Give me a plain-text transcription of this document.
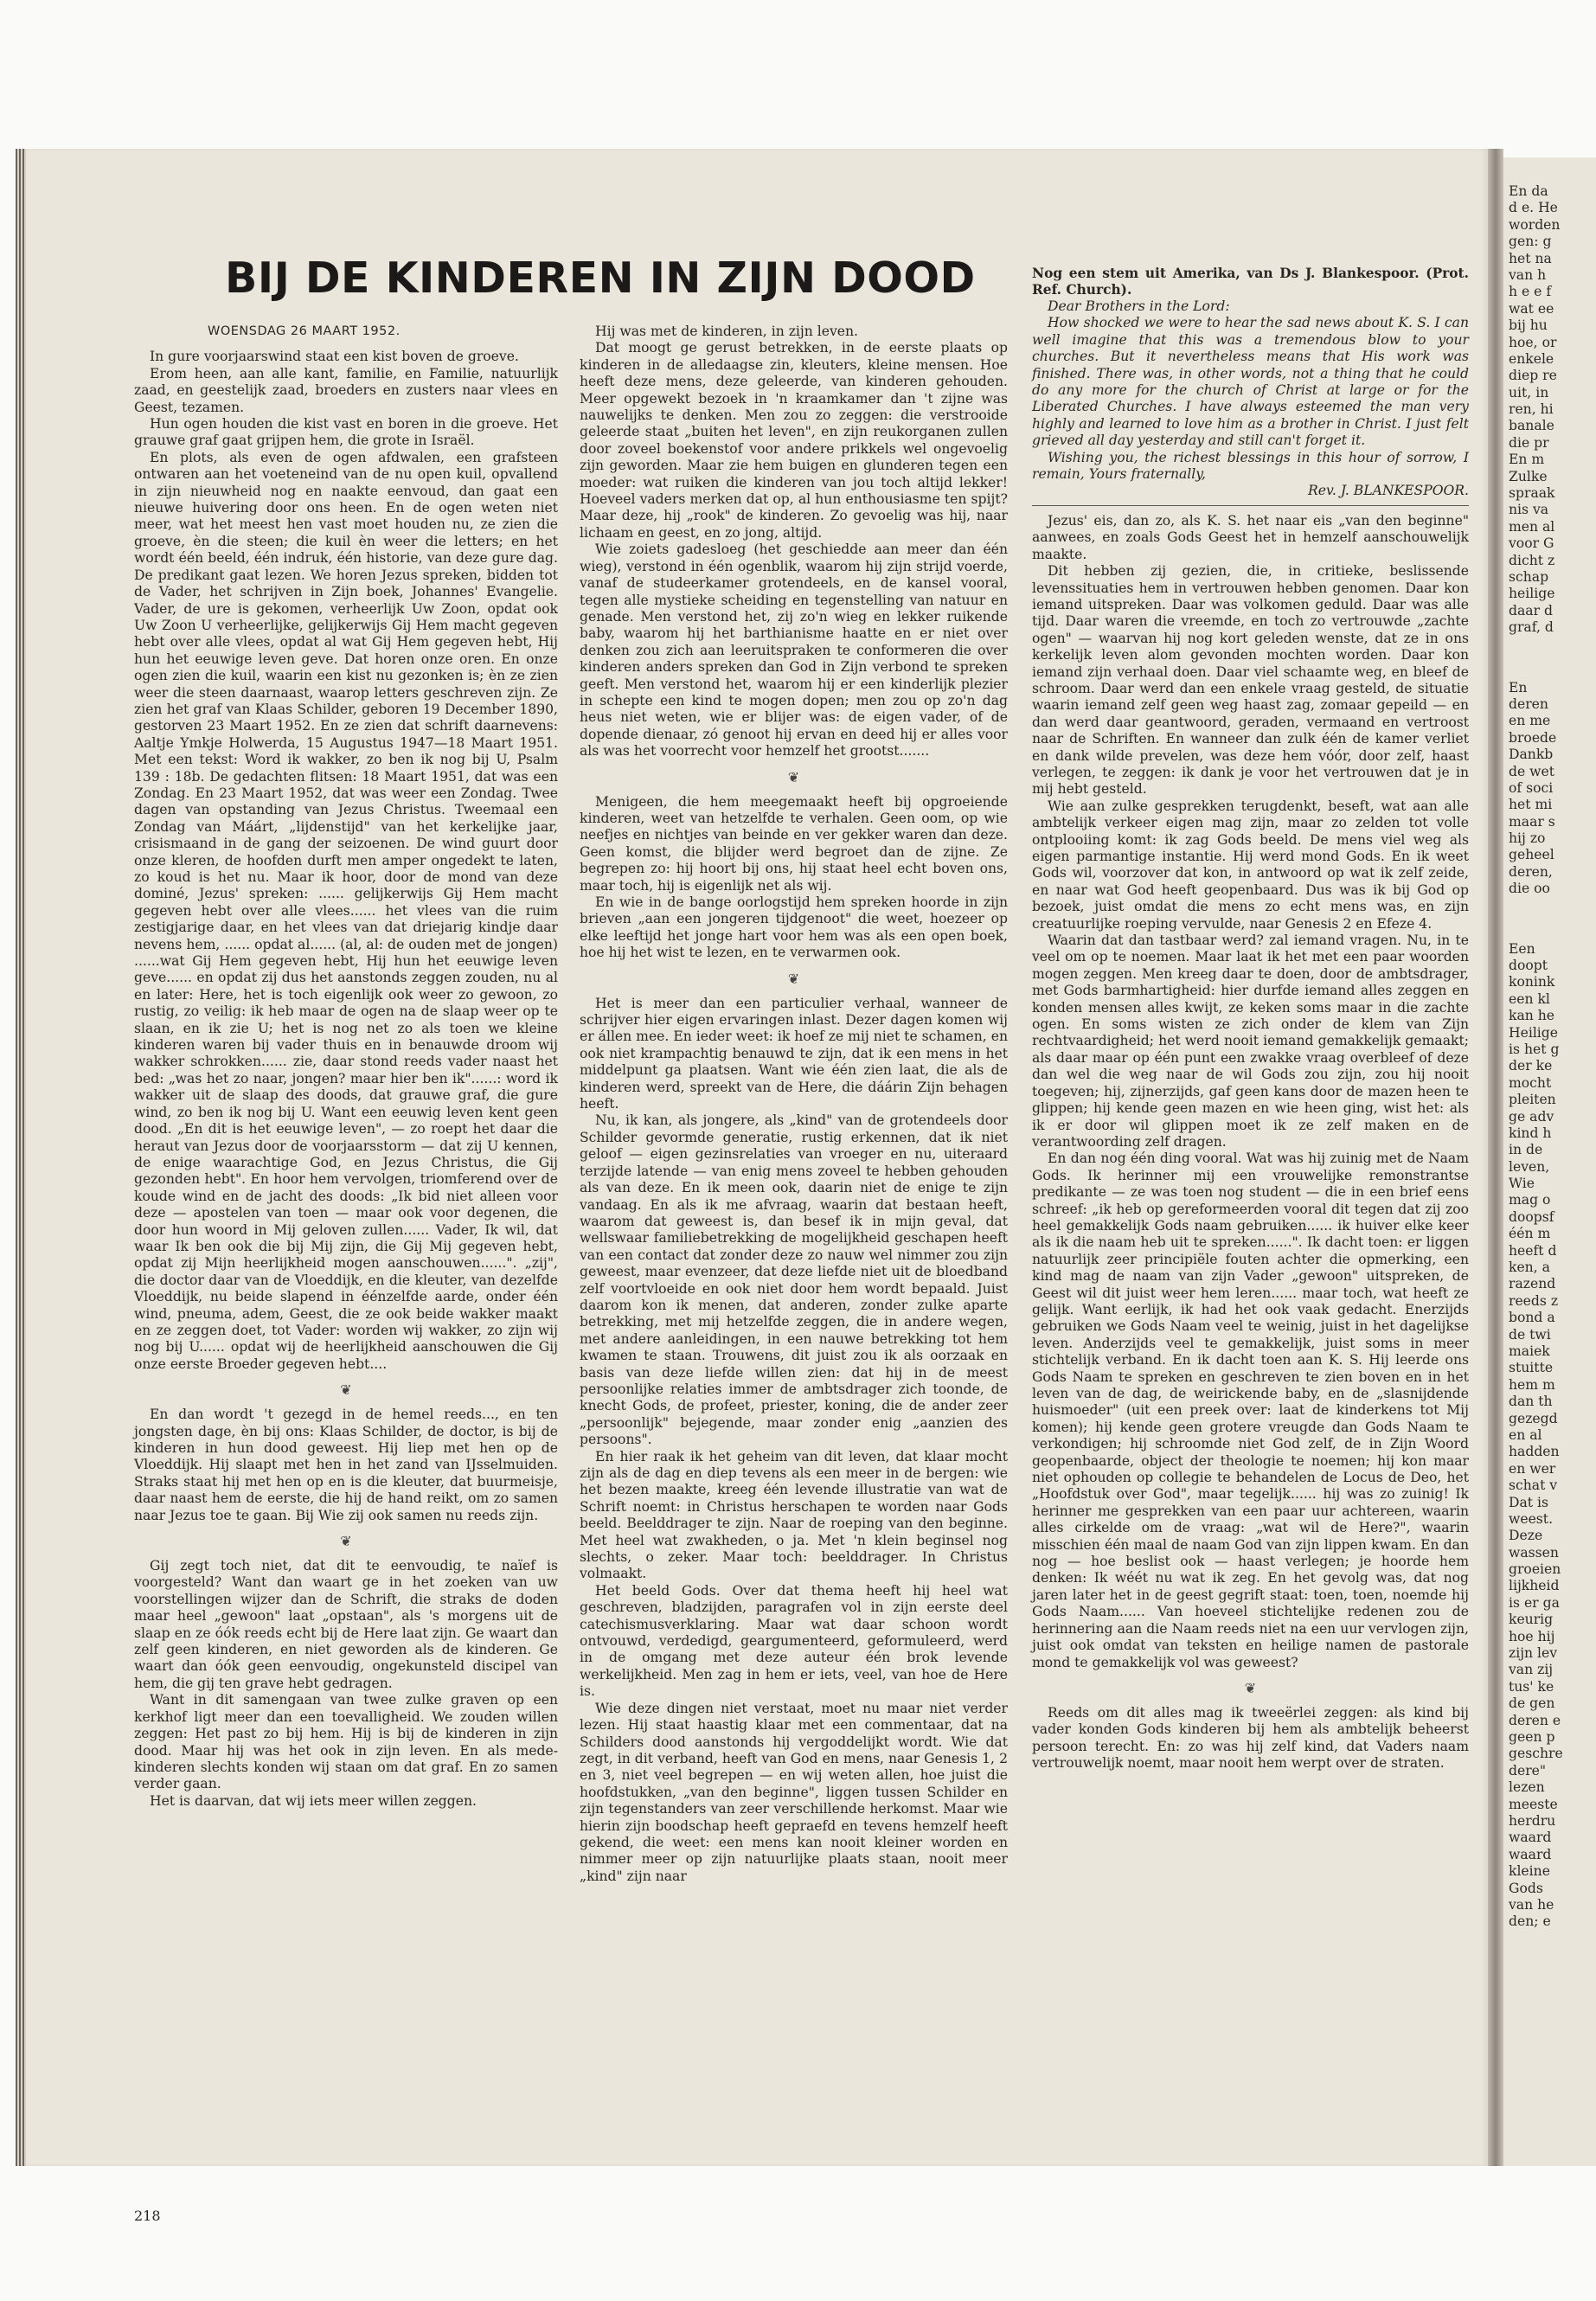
BIJ DE KINDEREN IN ZIJN DOOD

WOENSDAG 26 MAART 1952.

In gure voorjaarswind staat een kist boven de groeve.

Erom heen, aan alle kant, familie, en Familie, natuurlijk zaad, en geestelijk zaad, broeders en zusters naar vlees en Geest, tezamen.

Hun ogen houden die kist vast en boren in die groeve. Het grauwe graf gaat grijpen hem, die grote in Israël.

En plots, als even de ogen afdwalen, een grafsteen ontwaren aan het voeteneind van de nu open kuil, opvallend in zijn nieuwheid nog en naakte eenvoud, dan gaat een nieuwe huivering door ons heen. En de ogen weten niet meer, wat het meest hen vast moet houden nu, ze zien die groeve, èn die steen; die kuil èn weer die letters; en het wordt één beeld, één indruk, één historie, van deze gure dag. De predikant gaat lezen. We horen Jezus spreken, bidden tot de Vader, het schrijven in Zijn boek, Johannes' Evangelie. Vader, de ure is gekomen, verheerlijk Uw Zoon, opdat ook Uw Zoon U verheerlijke, gelijkerwijs Gij Hem macht gegeven hebt over alle vlees, opdat al wat Gij Hem gegeven hebt, Hij hun het eeuwige leven geve. Dat horen onze oren. En onze ogen zien die kuil, waarin een kist nu gezonken is; èn ze zien weer die steen daarnaast, waarop letters geschreven zijn. Ze zien het graf van Klaas Schilder, geboren 19 December 1890, gestorven 23 Maart 1952. En ze zien dat schrift daarnevens: Aaltje Ymkje Holwerda, 15 Augustus 1947—18 Maart 1951. Met een tekst: Word ik wakker, zo ben ik nog bij U, Psalm 139 : 18b. De gedachten flitsen: 18 Maart 1951, dat was een Zondag. En 23 Maart 1952, dat was weer een Zondag. Twee dagen van opstanding van Jezus Christus. Tweemaal een Zondag van Máárt, „lijdenstijd" van het kerkelijke jaar, crisismaand in de gang der seizoenen. De wind guurt door onze kleren, de hoofden durft men amper ongedekt te laten, zo koud is het nu. Maar ik hoor, door de mond van deze dominé, Jezus' spreken: ...... gelijkerwijs Gij Hem macht gegeven hebt over alle vlees...... het vlees van die ruim zestigjarige daar, en het vlees van dat driejarig kindje daar nevens hem, ...... opdat al...... (al, al: de ouden met de jongen) ......wat Gij Hem gegeven hebt, Hij hun het eeuwige leven geve...... en opdat zij dus het aanstonds zeggen zouden, nu al en later: Here, het is toch eigenlijk ook weer zo gewoon, zo rustig, zo veilig: ik heb maar de ogen na de slaap weer op te slaan, en ik zie U; het is nog net zo als toen we kleine kinderen waren bij vader thuis en in benauwde droom wij wakker schrokken...... zie, daar stond reeds vader naast het bed: „was het zo naar, jongen? maar hier ben ik"......: word ik wakker uit de slaap des doods, dat grauwe graf, die gure wind, zo ben ik nog bij U. Want een eeuwig leven kent geen dood. „En dit is het eeuwige leven", — zo roept het daar die heraut van Jezus door de voorjaarsstorm — dat zij U kennen, de enige waarachtige God, en Jezus Christus, die Gij gezonden hebt". En hoor hem vervolgen, triomferend over de koude wind en de jacht des doods: „Ik bid niet alleen voor deze — apostelen van toen — maar ook voor degenen, die door hun woord in Mij geloven zullen...... Vader, Ik wil, dat waar Ik ben ook die bij Mij zijn, die Gij Mij gegeven hebt, opdat zij Mijn heerlijkheid mogen aanschouwen......". „zij", die doctor daar van de Vloeddijk, en die kleuter, van dezelfde Vloeddijk, nu beide slapend in éénzelfde aarde, onder één wind, pneuma, adem, Geest, die ze ook beide wakker maakt en ze zeggen doet, tot Vader: worden wij wakker, zo zijn wij nog bij U...... opdat wij de heerlijkheid aanschouwen die Gij onze eerste Broeder gegeven hebt....

❦

En dan wordt 't gezegd in de hemel reeds..., en ten jongsten dage, èn bij ons: Klaas Schilder, de doctor, is bij de kinderen in hun dood geweest. Hij liep met hen op de Vloeddijk. Hij slaapt met hen in het zand van IJsselmuiden. Straks staat hij met hen op en is die kleuter, dat buurmeisje, daar naast hem de eerste, die hij de hand reikt, om zo samen naar Jezus toe te gaan. Bij Wie zij ook samen nu reeds zijn.

❦

Gij zegt toch niet, dat dit te eenvoudig, te naïef is voorgesteld? Want dan waart ge in het zoeken van uw voorstellingen wijzer dan de Schrift, die straks de doden maar heel „gewoon" laat „opstaan", als 's morgens uit de slaap en ze óók reeds echt bij de Here laat zijn. Ge waart dan zelf geen kinderen, en niet geworden als de kinderen. Ge waart dan óók geen eenvoudig, ongekunsteld discipel van hem, die gij ten grave hebt gedragen.

Want in dit samengaan van twee zulke graven op een kerkhof ligt meer dan een toevalligheid. We zouden willen zeggen: Het past zo bij hem. Hij is bij de kinderen in zijn dood. Maar hij was het ook in zijn leven. En als mede-kinderen slechts konden wij staan om dat graf. En zo samen verder gaan.

Het is daarvan, dat wij iets meer willen zeggen.

Hij was met de kinderen, in zijn leven.

Dat moogt ge gerust betrekken, in de eerste plaats op kinderen in de alledaagse zin, kleuters, kleine mensen. Hoe heeft deze mens, deze geleerde, van kinderen gehouden. Meer opgewekt bezoek in 'n kraamkamer dan 't zijne was nauwelijks te denken. Men zou zo zeggen: die verstrooide geleerde staat „buiten het leven", en zijn reukorganen zullen door zoveel boekenstof voor andere prikkels wel ongevoelig zijn geworden. Maar zie hem buigen en glunderen tegen een moeder: wat ruiken die kinderen van jou toch altijd lekker! Hoeveel vaders merken dat op, al hun enthousiasme ten spijt? Maar deze, hij „rook" de kinderen. Zo gevoelig was hij, naar lichaam en geest, en zo jong, altijd.

Wie zoiets gadesloeg (het geschiedde aan meer dan één wieg), verstond in één ogenblik, waarom hij zijn strijd voerde, vanaf de studeerkamer grotendeels, en de kansel vooral, tegen alle mystieke scheiding en tegenstelling van natuur en genade. Men verstond het, zij zo'n wieg en lekker ruikende baby, waarom hij het barthianisme haatte en er niet over denken zou zich aan leeruitspraken te conformeren die over kinderen anders spreken dan God in Zijn verbond te spreken geeft. Men verstond het, waarom hij er een kinderlijk plezier in schepte een kind te mogen dopen; men zou op zo'n dag heus niet weten, wie er blijer was: de eigen vader, of de dopende dienaar, zó genoot hij ervan en deed hij er alles voor als was het voorrecht voor hemzelf het grootst.......

❦

Menigeen, die hem meegemaakt heeft bij opgroeiende kinderen, weet van hetzelfde te verhalen. Geen oom, op wie neefjes en nichtjes van beinde en ver gekker waren dan deze. Geen komst, die blijder werd begroet dan de zijne. Ze begrepen zo: hij hoort bij ons, hij staat heel echt boven ons, maar toch, hij is eigenlijk net als wij.

En wie in de bange oorlogstijd hem spreken hoorde in zijn brieven „aan een jongeren tijdgenoot" die weet, hoezeer op elke leeftijd het jonge hart voor hem was als een open boek, hoe hij het wist te lezen, en te verwarmen ook.

❦

Het is meer dan een particulier verhaal, wanneer de schrijver hier eigen ervaringen inlast. Dezer dagen komen wij er állen mee. En ieder weet: ik hoef ze mij niet te schamen, en ook niet krampachtig benauwd te zijn, dat ik een mens in het middelpunt ga plaatsen. Want wie één zien laat, die als de kinderen werd, spreekt van de Here, die dáárin Zijn behagen heeft.

Nu, ik kan, als jongere, als „kind" van de grotendeels door Schilder gevormde generatie, rustig erkennen, dat ik niet geloof — eigen gezinsrelaties van vroeger en nu, uiteraard terzijde latende — van enig mens zoveel te hebben gehouden als van deze. En ik meen ook, daarin niet de enige te zijn vandaag. En als ik me afvraag, waarin dat bestaan heeft, waarom dat geweest is, dan besef ik in mijn geval, dat wellswaar familiebetrekking de mogelijkheid geschapen heeft van een contact dat zonder deze zo nauw wel nimmer zou zijn geweest, maar evenzeer, dat deze liefde niet uit de bloedband zelf voortvloeide en ook niet door hem wordt bepaald. Juist daarom kon ik menen, dat anderen, zonder zulke aparte betrekking, met mij hetzelfde zeggen, die in andere wegen, met andere aanleidingen, in een nauwe betrekking tot hem kwamen te staan. Trouwens, dit juist zou ik als oorzaak en basis van deze liefde willen zien: dat hij in de meest persoonlijke relaties immer de ambtsdrager zich toonde, de knecht Gods, de profeet, priester, koning, die de ander zeer „persoonlijk" bejegende, maar zonder enig „aanzien des persoons".

En hier raak ik het geheim van dit leven, dat klaar mocht zijn als de dag en diep tevens als een meer in de bergen: wie het bezen maakte, kreeg één levende illustratie van wat de Schrift noemt: in Christus herschapen te worden naar Gods beeld. Beelddrager te zijn. Naar de roeping van den beginne. Met heel wat zwakheden, o ja. Met 'n klein beginsel nog slechts, o zeker. Maar toch: beelddrager. In Christus volmaakt.

Het beeld Gods. Over dat thema heeft hij heel wat geschreven, bladzijden, paragrafen vol in zijn eerste deel catechismusverklaring. Maar wat daar schoon wordt ontvouwd, verdedigd, geargumenteerd, geformuleerd, werd in de omgang met deze auteur één brok levende werkelijkheid. Men zag in hem er iets, veel, van hoe de Here is.

Wie deze dingen niet verstaat, moet nu maar niet verder lezen. Hij staat haastig klaar met een commentaar, dat na Schilders dood aanstonds hij vergoddelijkt wordt. Wie dat zegt, in dit verband, heeft van God en mens, naar Genesis 1, 2 en 3, niet veel begrepen — en wij weten allen, hoe juist die hoofdstukken, „van den beginne", liggen tussen Schilder en zijn tegenstanders van zeer verschillende herkomst. Maar wie hierin zijn boodschap heeft gepraefd en tevens hemzelf heeft gekend, die weet: een mens kan nooit kleiner worden en nimmer meer op zijn natuurlijke plaats staan, nooit meer „kind" zijn naar

Nog een stem uit Amerika, van Ds J. Blankespoor. (Prot. Ref. Church).

Dear Brothers in the Lord:

How shocked we were to hear the sad news about K. S. I can well imagine that this was a tremendous blow to your churches. But it nevertheless means that His work was finished. There was, in other words, not a thing that he could do any more for the church of Christ at large or for the Liberated Churches. I have always esteemed the man very highly and learned to love him as a brother in Christ. I just felt grieved all day yesterday and still can't forget it.

Wishing you, the richest blessings in this hour of sorrow, I remain, Yours fraternally,

Rev. J. BLANKESPOOR.

Jezus' eis, dan zo, als K. S. het naar eis „van den beginne" aanwees, en zoals Gods Geest het in hemzelf aanschouwelijk maakte.

Dit hebben zij gezien, die, in critieke, beslissende levenssituaties hem in vertrouwen hebben genomen. Daar kon iemand uitspreken. Daar was volkomen geduld. Daar was alle tijd. Daar waren die vreemde, en toch zo vertrouwde „zachte ogen" — waarvan hij nog kort geleden wenste, dat ze in ons kerkelijk leven alom gevonden mochten worden. Daar kon iemand zijn verhaal doen. Daar viel schaamte weg, en bleef de schroom. Daar werd dan een enkele vraag gesteld, de situatie waarin iemand zelf geen weg haast zag, zomaar gepeild — en dan werd daar geantwoord, geraden, vermaand en vertroost naar de Schriften. En wanneer dan zulk één de kamer verliet en dank wilde prevelen, was deze hem vóór, door zelf, haast verlegen, te zeggen: ik dank je voor het vertrouwen dat je in mij hebt gesteld.

Wie aan zulke gesprekken terugdenkt, beseft, wat aan alle ambtelijk verkeer eigen mag zijn, maar zo zelden tot volle ontplooiing komt: ik zag Gods beeld. De mens viel weg als eigen parmantige instantie. Hij werd mond Gods. En ik weet Gods wil, voorzover dat kon, in antwoord op wat ik zelf zeide, en naar wat God heeft geopenbaard. Dus was ik bij God op bezoek, juist omdat die mens zo echt mens was, en zijn creatuurlijke roeping vervulde, naar Genesis 2 en Efeze 4.

Waarin dat dan tastbaar werd? zal iemand vragen. Nu, in te veel om op te noemen. Maar laat ik het met een paar woorden mogen zeggen. Men kreeg daar te doen, door de ambtsdrager, met Gods barmhartigheid: hier durfde iemand alles zeggen en konden mensen alles kwijt, ze keken soms maar in die zachte ogen. En soms wisten ze zich onder de klem van Zijn rechtvaardigheid; het werd nooit iemand gemakkelijk gemaakt; als daar maar op één punt een zwakke vraag overbleef of deze dan wel die weg naar de wil Gods zou zijn, zou hij nooit toegeven; hij, zijnerzijds, gaf geen kans door de mazen heen te glippen; hij kende geen mazen en wie heen ging, wist het: als ik er door wil glippen moet ik ze zelf maken en de verantwoording zelf dragen.

En dan nog één ding vooral. Wat was hij zuinig met de Naam Gods. Ik herinner mij een vrouwelijke remonstrantse predikante — ze was toen nog student — die in een brief eens schreef: „ik heb op gereformeerden vooral dit tegen dat zij zoo heel gemakkelijk Gods naam gebruiken...... ik huiver elke keer als ik die naam heb uit te spreken......". Ik dacht toen: er liggen natuurlijk zeer principiële fouten achter die opmerking, een kind mag de naam van zijn Vader „gewoon" uitspreken, de Geest wil dit juist weer hem leren...... maar toch, wat heeft ze gelijk. Want eerlijk, ik had het ook vaak gedacht. Enerzijds gebruiken we Gods Naam veel te weinig, juist in het dagelijkse leven. Anderzijds veel te gemakkelijk, juist soms in meer stichtelijk verband. En ik dacht toen aan K. S. Hij leerde ons Gods Naam te spreken en geschreven te zien boven en in het leven van de dag, de weirickende baby, en de „slasnijdende huismoeder" (uit een preek over: laat de kinderkens tot Mij komen); hij kende geen grotere vreugde dan Gods Naam te verkondigen; hij schroomde niet God zelf, de in Zijn Woord geopenbaarde, object der theologie te noemen; hij kon maar niet ophouden op collegie te behandelen de Locus de Deo, het „Hoofdstuk over God", maar tegelijk...... hij was zo zuinig! Ik herinner me gesprekken van een paar uur achtereen, waarin alles cirkelde om de vraag: „wat wil de Here?", waarin misschien één maal de naam God van zijn lippen kwam. En dan nog — hoe beslist ook — haast verlegen; je hoorde hem denken: Ik wéét nu wat ik zeg. En het gevolg was, dat nog jaren later het in de geest gegrift staat: toen, toen, noemde hij Gods Naam...... Van hoeveel stichtelijke redenen zou de herinnering aan die Naam reeds niet na een uur vervlogen zijn, juist ook omdat van teksten en heilige namen de pastorale mond te gemakkelijk vol was geweest?

❦

Reeds om dit alles mag ik tweeërlei zeggen: als kind bij vader konden Gods kinderen bij hem als ambtelijk beheerst persoon terecht. En: zo was hij zelf kind, dat Vaders naam vertrouwelijk noemt, maar nooit hem werpt over de straten.

218
En da
d e. He
worden
gen: g
het na
van h
h e e f
wat ee
bij hu
hoe, or
enkele
diep re
uit, in
ren, hi
banale
die pr
En m
Zulke
spraak
nis va
men al
voor G
dicht z
schap
heilige
daar d
graf, d
En
deren
en me
broede
Dankb
de wet
of soci
het mi
maar s
hij zo
geheel
deren,
die oo
Een
doopt
konink
een kl
kan he
Heilige
is het g
der ke
mocht
pleiten
ge adv
kind h
in de
leven,
Wie
mag o
doopsf
één m
heeft d
ken, a
razend
reeds z
bond a
de twi
maiek
stuitte
hem m
dan th
gezegd
en al
hadden
en wer
schat v
Dat is
weest.
Deze
wassen
groeien
lijkheid
is er ga
keurig
hoe hij
zijn lev
van zij
tus' ke
de gen
deren e
geen p
geschre
dere"
lezen
meeste
herdru
waard
waard
kleine
Gods
van he
den; e
